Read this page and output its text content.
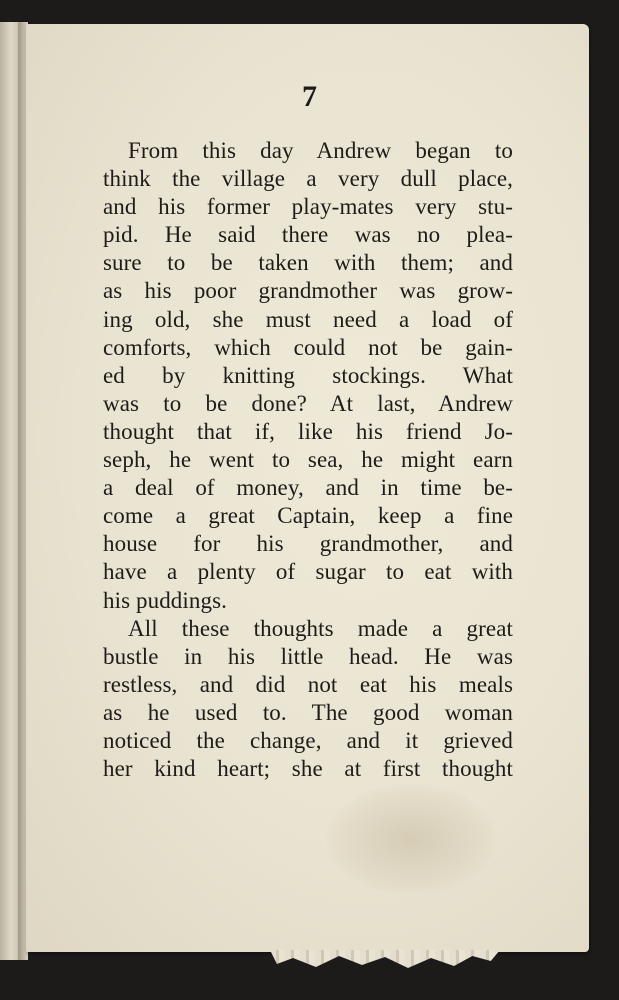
7
From this day Andrew began to
think the village a very dull place,
and his former play-mates very stu-
pid. He said there was no plea-
sure to be taken with them; and
as his poor grandmother was grow-
ing old, she must need a load of
comforts, which could not be gain-
ed by knitting stockings. What
was to be done? At last, Andrew
thought that if, like his friend Jo-
seph, he went to sea, he might earn
a deal of money, and in time be-
come a great Captain, keep a fine
house for his grandmother, and
have a plenty of sugar to eat with
his puddings.
All these thoughts made a great
bustle in his little head. He was
restless, and did not eat his meals
as he used to. The good woman
noticed the change, and it grieved
her kind heart; she at first thought
